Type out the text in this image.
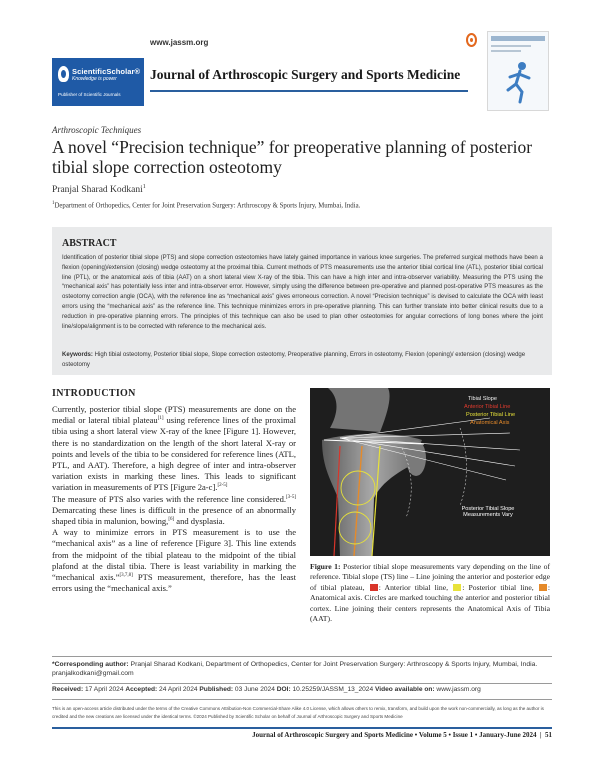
ScientificScholar®
Knowledge is power
Publisher of Scientific Journals
www.jassm.org
Journal of Arthroscopic Surgery and Sports Medicine
Arthroscopic Techniques
A novel “Precision technique” for preoperative planning of posterior tibial slope correction osteotomy
Pranjal Sharad Kodkani$^1$
$^1$Department of Orthopedics, Center for Joint Preservation Surgery: Arthroscopy & Sports Injury, Mumbai, India.
ABSTRACT
Identification of posterior tibial slope (PTS) and slope correction osteotomies have lately gained importance in various knee surgeries. The preferred surgical methods have been a flexion (opening)/extension (closing) wedge osteotomy at the proximal tibia. Current methods of PTS measurements use the anterior tibial cortical line (ATL), posterior tibial cortical line (PTL), or the anatomical axis of tibia (AAT) on a short lateral view X-ray of the tibia. This can have a high inter and intra-observer variability. Measuring the PTS using the “mechanical axis” has potentially less inter and intra-observer error. However, simply using the difference between pre-operative and planned post-operative PTS measures as the osteotomy correction angle (OCA), with the reference line as “mechanical axis” gives erroneous correction. A novel “Precision technique” is devised to calculate the OCA with least errors using the “mechanical axis” as the reference line. This technique minimizes errors in pre-operative planning. This can further translate into better clinical results due to a reduction in pre-operative planning errors. The principles of this technique can also be used to plan other osteotomies for angular corrections of long bones where the joint line/slope/alignment is to be corrected with reference to the mechanical axis.
Keywords: High tibial osteotomy, Posterior tibial slope, Slope correction osteotomy, Preoperative planning, Errors in osteotomy, Flexion (opening)/ extension (closing) wedge osteotomy
INTRODUCTION

Currently, posterior tibial slope (PTS) measurements are done on the medial or lateral tibial plateau[1] using reference lines of the proximal tibia using a short lateral view X-ray of the knee [Figure 1]. However, there is no standardization on the length of the short lateral X-ray or points and levels of the tibia to be considered for reference lines (ATL, PTL, and AAT). Therefore, a high degree of inter and intra-observer variation exists in marking these lines. This leads to significant variation in measurements of PTS [Figure 2a-c].[2-5]

The measure of PTS also varies with the reference line considered.[3-5] Demarcating these lines is difficult in the presence of an abnormally shaped tibia in malunion, bowing,[6] and dysplasia.

A way to minimize errors in PTS measurement is to use the “mechanical axis” as a line of reference [Figure 3]. This line extends from the midpoint of the tibial plateau to the midpoint of the tibial plafond at the distal tibia. There is least variability in marking the “mechanical axis.”[3,7,8] PTS measurement, therefore, has the least errors using the “mechanical axis.”

Tibial Slope
Anterior Tibial Line
Posterior Tibial Line
Anatomical Axis
Posterior Tibial Slope Measurements Vary
Figure 1: Posterior tibial slope measurements vary depending on the line of reference. Tibial slope (TS) line – Line joining the anterior and posterior edge of tibial plateau, : Anterior tibial line, : Posterior tibial line, : Anatomical axis. Circles are marked touching the anterior and posterior tibial cortex. Line joining their centers represents the Anatomical Axis of Tibia (AAT).
*Corresponding author: Pranjal Sharad Kodkani, Department of Orthopedics, Center for Joint Preservation Surgery: Arthroscopy & Sports Injury, Mumbai, India. pranjalkodkani@gmail.com
Received: 17 April 2024 Accepted: 24 April 2024 Published: 03 June 2024 DOI: 10.25259/JASSM_13_2024 Video available on: www.jassm.org
This is an open-access article distributed under the terms of the Creative Commons Attribution-Non Commercial-Share Alike 4.0 License, which allows others to remix, transform, and build upon the work non-commercially, as long as the author is credited and the new creations are licensed under the identical terms. ©2024 Published by Scientific Scholar on behalf of Journal of Arthroscopic Surgery and Sports Medicine
Journal of Arthroscopic Surgery and Sports Medicine • Volume 5 • Issue 1 • January-June 2024 | 51
